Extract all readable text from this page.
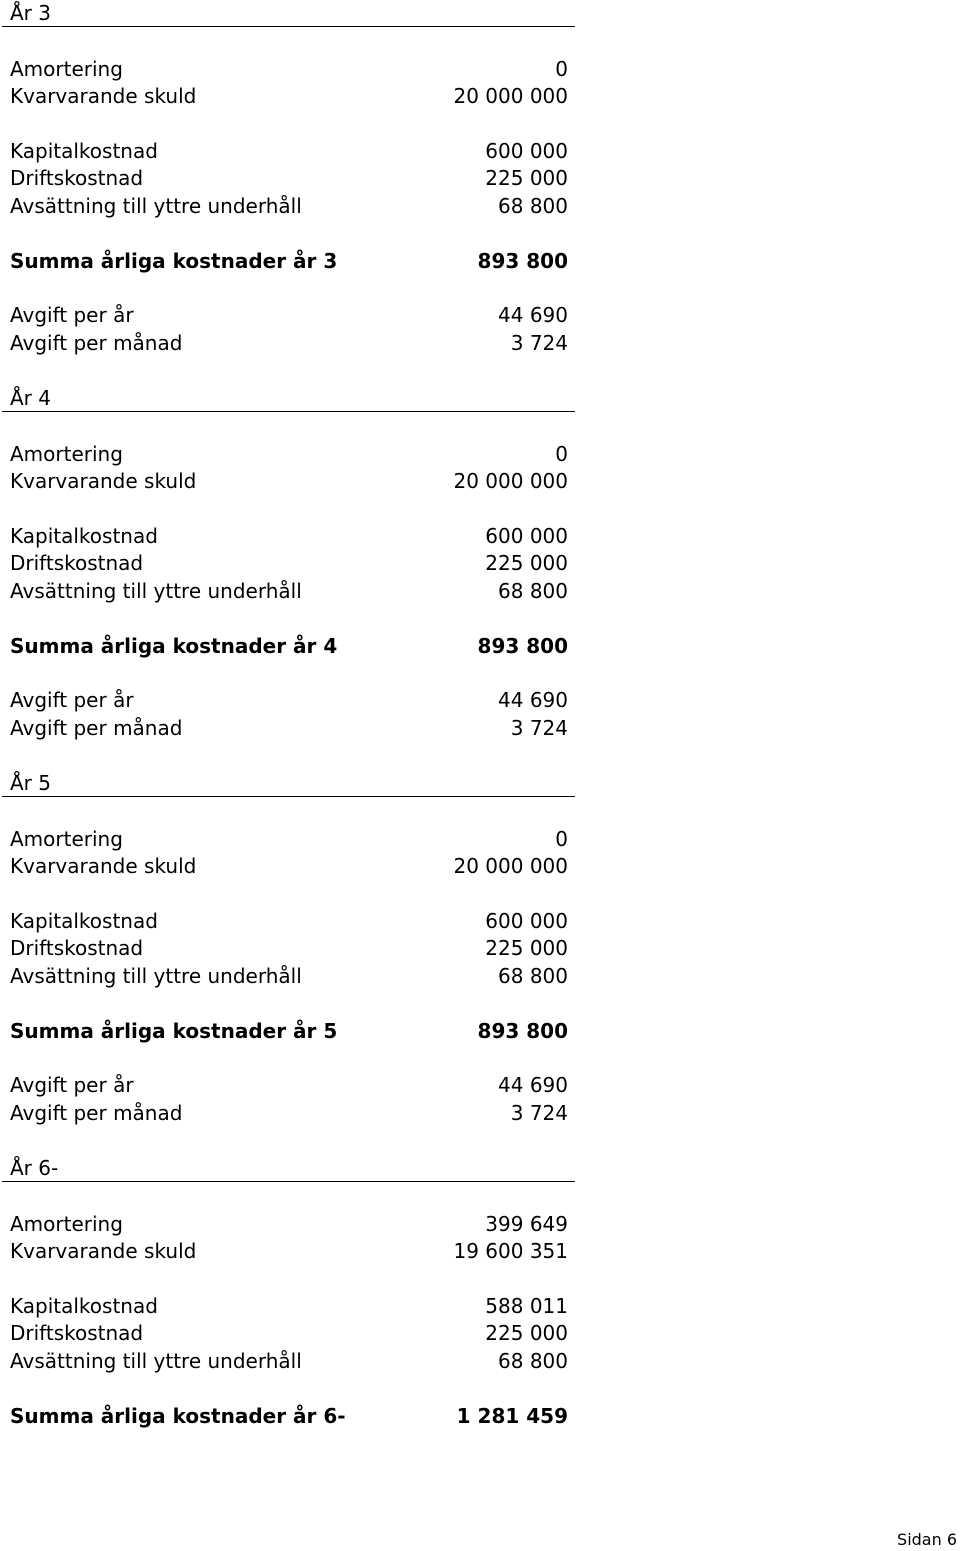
År 3
Amortering	0
Kvarvarande skuld	20 000 000
Kapitalkostnad	600 000
Driftskostnad	225 000
Avsättning till yttre underhåll	68 800
Summa årliga kostnader år 3	893 800
Avgift per år	44 690
Avgift per månad	3 724
År 4
Amortering	0
Kvarvarande skuld	20 000 000
Kapitalkostnad	600 000
Driftskostnad	225 000
Avsättning till yttre underhåll	68 800
Summa årliga kostnader år 4	893 800
Avgift per år	44 690
Avgift per månad	3 724
År 5
Amortering	0
Kvarvarande skuld	20 000 000
Kapitalkostnad	600 000
Driftskostnad	225 000
Avsättning till yttre underhåll	68 800
Summa årliga kostnader år 5	893 800
Avgift per år	44 690
Avgift per månad	3 724
År 6-
Amortering	399 649
Kvarvarande skuld	19 600 351
Kapitalkostnad	588 011
Driftskostnad	225 000
Avsättning till yttre underhåll	68 800
Summa årliga kostnader år 6-	1 281 459
Sidan 6
